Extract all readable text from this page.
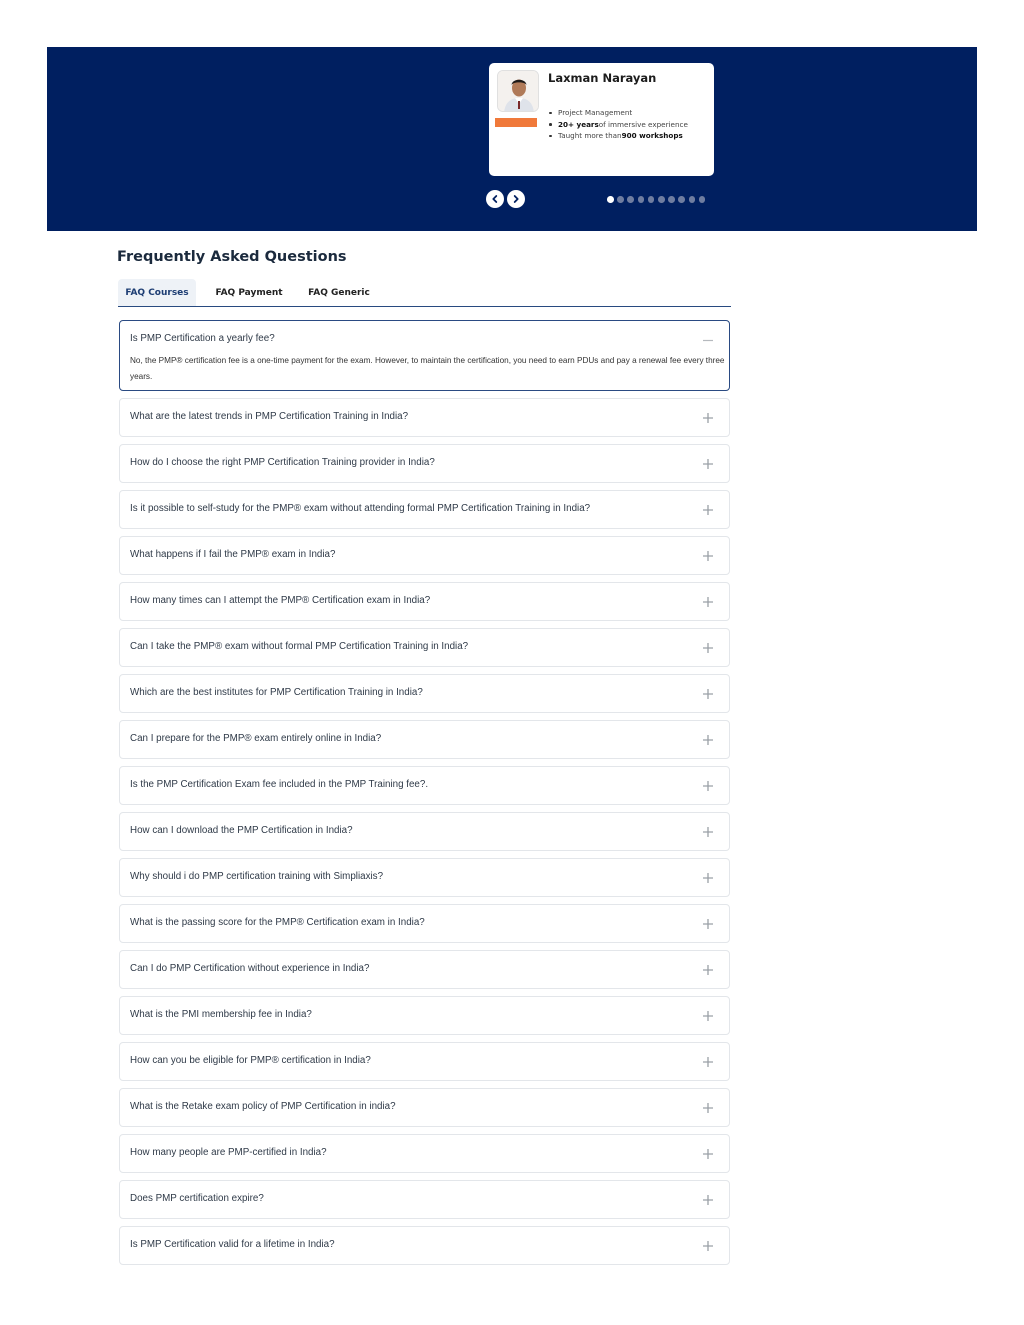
Laxman Narayan
Project Management
20+ yearsof immersive experience
Taught more than900 workshops
Frequently Asked Questions
FAQ Courses	FAQ Payment	FAQ Generic
Is PMP Certification a yearly fee?
No, the PMP® certification fee is a one-time payment for the exam. However, to maintain the certification, you need to earn PDUs and pay a renewal fee every three years.
What are the latest trends in PMP Certification Training in India?
How do I choose the right PMP Certification Training provider in India?
Is it possible to self-study for the PMP® exam without attending formal PMP Certification Training in India?
What happens if I fail the PMP® exam in India?
How many times can I attempt the PMP® Certification exam in India?
Can I take the PMP® exam without formal PMP Certification Training in India?
Which are the best institutes for PMP Certification Training in India?
Can I prepare for the PMP® exam entirely online in India?
Is the PMP Certification Exam fee included in the PMP Training fee?.
How can I download the PMP Certification in India?
Why should i do PMP certification training with Simpliaxis?
What is the passing score for the PMP® Certification exam in India?
Can I do PMP Certification without experience in India?
What is the PMI membership fee in India?
How can you be eligible for PMP® certification in India?
What is the Retake exam policy of PMP Certification in india?
How many people are PMP-certified in India?
Does PMP certification expire?
Is PMP Certification valid for a lifetime in India?
